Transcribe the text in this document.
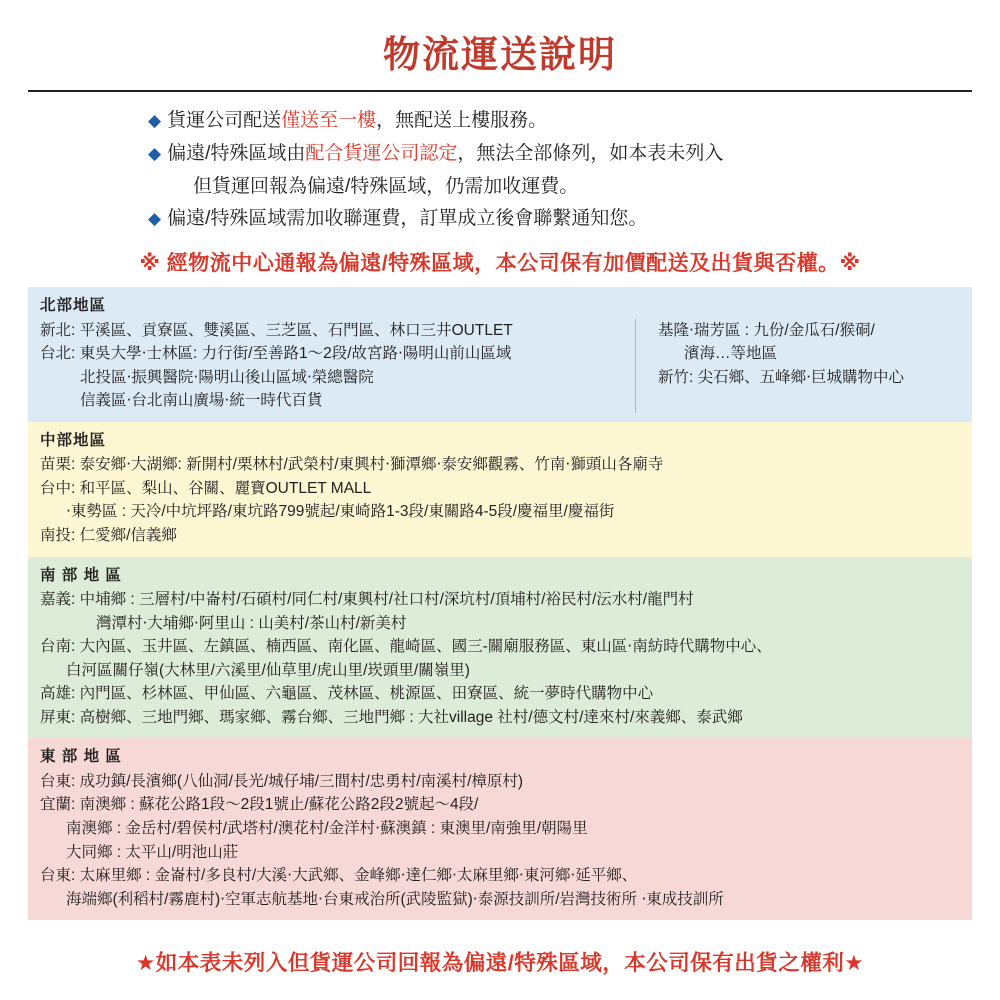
物流運送說明
◆ 貨運公司配送僅送至一樓，無配送上樓服務。
◆ 偏遠/特殊區域由配合貨運公司認定，無法全部條列，如本表未列入
但貨運回報為偏遠/特殊區域，仍需加收運費。
◆ 偏遠/特殊區域需加收聯運費，訂單成立後會聯繫通知您。
※ 經物流中心通報為偏遠/特殊區域，本公司保有加價配送及出貨與否權。※
北部地區
新北: 平溪區、貢寮區、雙溪區、三芝區、石門區、林口三井OUTLET
台北: 東吳大學‧士林區: 力行街/至善路1～2段/故宮路‧陽明山前山區域
北投區‧振興醫院‧陽明山後山區域‧榮總醫院
信義區‧台北南山廣場‧統一時代百貨
基隆‧瑞芳區 : 九份/金瓜石/猴硐/
濱海…等地區
新竹: 尖石鄉、五峰鄉‧巨城購物中心
中部地區
苗栗: 泰安鄉‧大湖鄉: 新開村/栗林村/武榮村/東興村‧獅潭鄉‧泰安鄉觀霧、竹南‧獅頭山各廟寺
台中: 和平區、梨山、谷關、麗寶OUTLET MALL
‧東勢區 : 天冷/中坑坪路/東坑路799號起/東崎路1-3段/東關路4-5段/慶福里/慶福街
南投: 仁愛鄉/信義鄉
南 部 地 區
嘉義: 中埔鄉 : 三層村/中崙村/石碩村/同仁村/東興村/社口村/深坑村/頂埔村/裕民村/沄水村/龍門村
灣潭村‧大埔鄉‧阿里山 : 山美村/茶山村/新美村
台南: 大內區、玉井區、左鎮區、楠西區、南化區、龍崎區、國三-關廟服務區、東山區‧南紡時代購物中心、
白河區關仔嶺(大林里/六溪里/仙草里/虎山里/崁頭里/關嶺里)
高雄: 內門區、杉林區、甲仙區、六龜區、茂林區、桃源區、田寮區、統一夢時代購物中心
屏東: 高樹鄉、三地門鄉、瑪家鄉、霧台鄉、三地門鄉 : 大社village 社村/德文村/達來村/來義鄉、泰武鄉
東 部 地 區
台東: 成功鎮/長濱鄉(八仙洞/長光/城仔埔/三間村/忠勇村/南溪村/樟原村)
宜蘭: 南澳鄉 : 蘇花公路1段～2段1號止/蘇花公路2段2號起～4段/
南澳鄉 : 金岳村/碧侯村/武塔村/澳花村/金洋村‧蘇澳鎮 : 東澳里/南強里/朝陽里
大同鄉 : 太平山/明池山莊
台東: 太麻里鄉 : 金崙村/多良村/大溪‧大武鄉、金峰鄉‧達仁鄉‧太麻里鄉‧東河鄉‧延平鄉、
海端鄉(利稻村/霧鹿村)‧空軍志航基地‧台東戒治所(武陵監獄)‧泰源技訓所/岩灣技術所 ‧東成技訓所
★如本表未列入但貨運公司回報為偏遠/特殊區域，本公司保有出貨之權利★
